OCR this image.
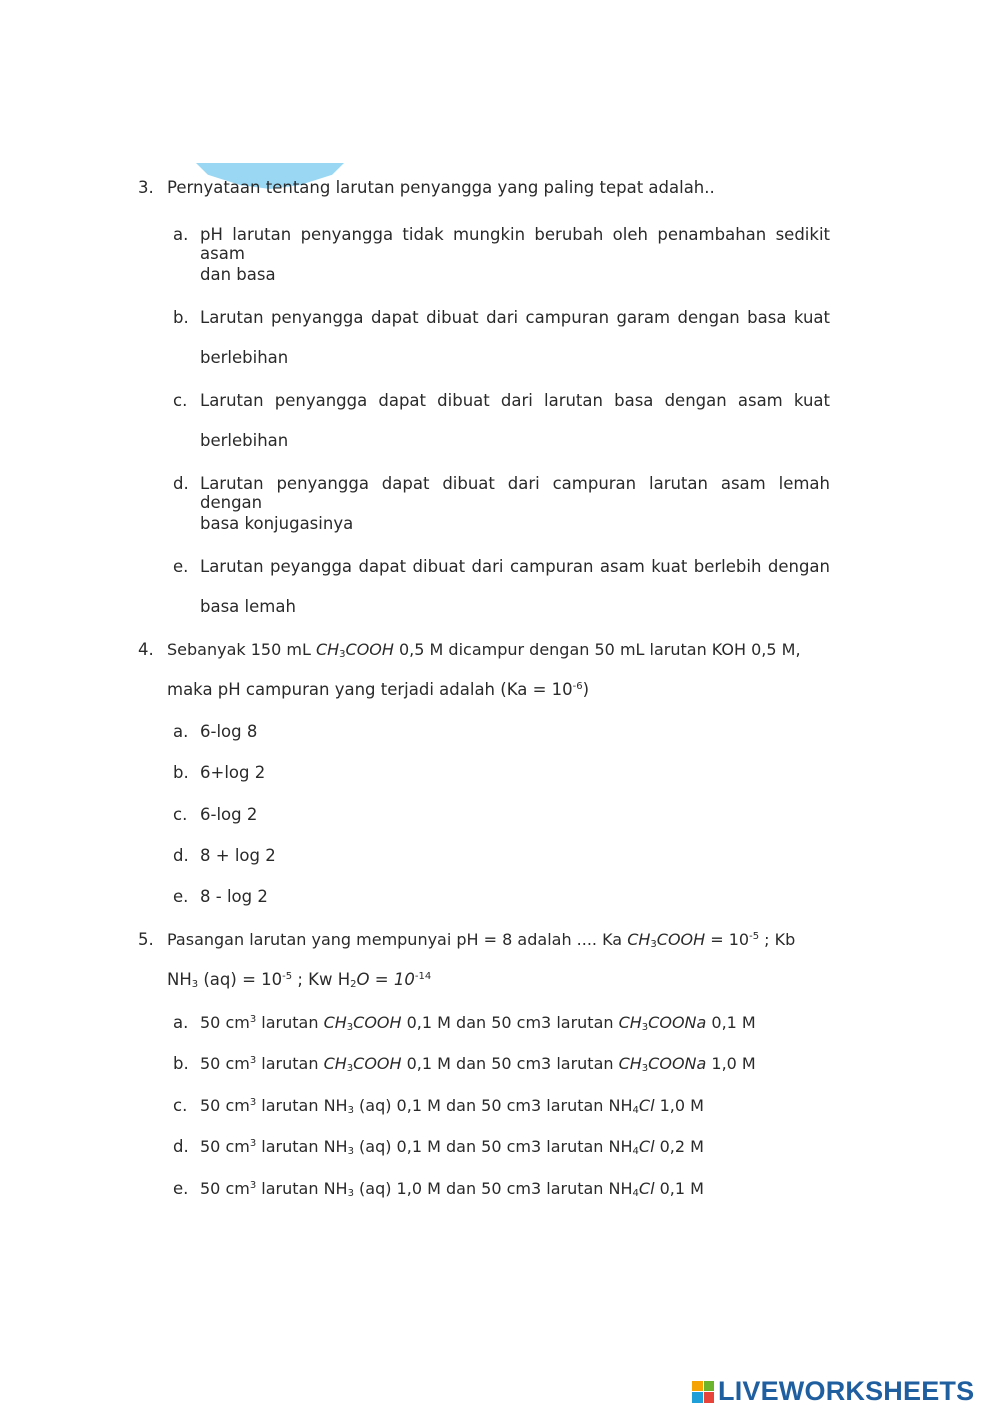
3. Pernyataan tentang larutan penyangga yang paling tepat adalah..
a. pH larutan penyangga tidak mungkin berubah oleh penambahan sedikit asam
dan basa
b. Larutan penyangga dapat dibuat dari campuran garam dengan basa kuat
berlebihan
c. Larutan penyangga dapat dibuat dari larutan basa dengan asam kuat
berlebihan
d. Larutan penyangga dapat dibuat dari campuran larutan asam lemah dengan
basa konjugasinya
e. Larutan peyangga dapat dibuat dari campuran asam kuat berlebih dengan
basa lemah
4. Sebanyak 150 mL $CH_3COOH$ 0,5 M dicampur dengan 50 mL larutan KOH 0,5 M,
maka pH campuran yang terjadi adalah $(Ka = 10^{-6})$
a. 6-log 8
b. 6+log 2
c. 6-log 2
d. 8 + log 2
e. 8 - log 2
5. Pasangan larutan yang mempunyai pH = 8 adalah .... Ka $CH_3COOH = 10^{-5}$ ; Kb
$NH_3$ $(aq) = 10^{-5}$ ; Kw $H_2O = 10^{-14}$
a. 50 $cm^3$ larutan $CH_3COOH$ 0,1 M dan 50 cm3 larutan $CH_3COONa$ 0,1 M
b. 50 $cm^3$ larutan $CH_3COOH$ 0,1 M dan 50 cm3 larutan $CH_3COONa$ 1,0 M
c. 50 $cm^3$ larutan $NH_3$ (aq) 0,1 M dan 50 cm3 larutan $NH_4Cl$ 1,0 M
d. 50 $cm^3$ larutan $NH_3$ (aq) 0,1 M dan 50 cm3 larutan $NH_4Cl$ 0,2 M
e. 50 $cm^3$ larutan $NH_3$ (aq) 1,0 M dan 50 cm3 larutan $NH_4Cl$ 0,1 M
LIVEWORKSHEETS
